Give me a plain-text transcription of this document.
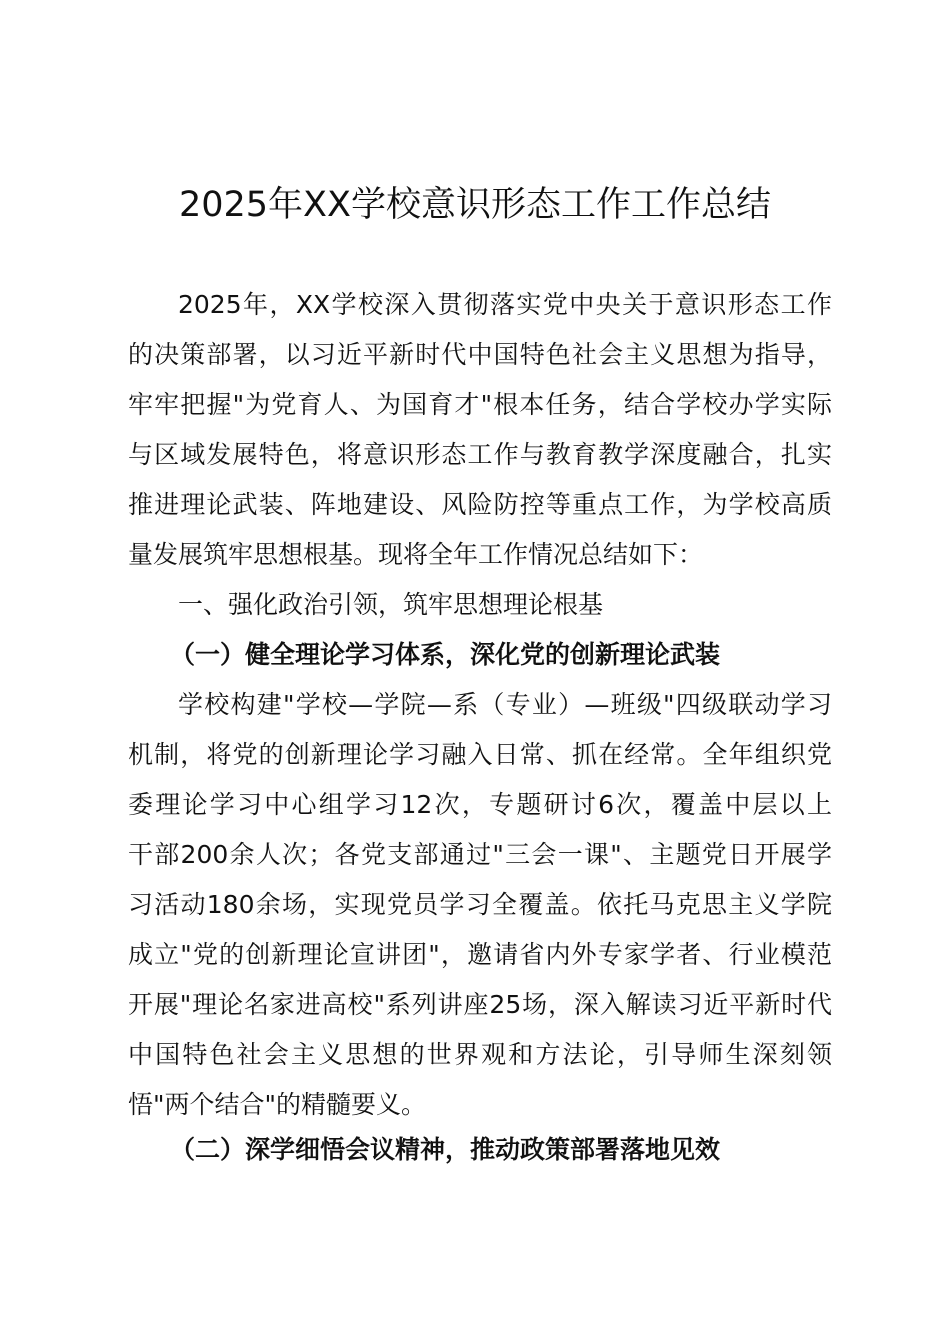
2025年XX学校意识形态工作工作总结
2025年，XX学校深入贯彻落实党中央关于意识形态工作
的决策部署，以习近平新时代中国特色社会主义思想为指导，
牢牢把握"为党育人、为国育才"根本任务，结合学校办学实际
与区域发展特色，将意识形态工作与教育教学深度融合，扎实
推进理论武装、阵地建设、风险防控等重点工作，为学校高质
量发展筑牢思想根基。现将全年工作情况总结如下：
一、强化政治引领，筑牢思想理论根基
（一）健全理论学习体系，深化党的创新理论武装
学校构建"学校—学院—系（专业）—班级"四级联动学习
机制，将党的创新理论学习融入日常、抓在经常。全年组织党
委理论学习中心组学习12次，专题研讨6次，覆盖中层以上
干部200余人次；各党支部通过"三会一课"、主题党日开展学
习活动180余场，实现党员学习全覆盖。依托马克思主义学院
成立"党的创新理论宣讲团"，邀请省内外专家学者、行业模范
开展"理论名家进高校"系列讲座25场，深入解读习近平新时代
中国特色社会主义思想的世界观和方法论，引导师生深刻领
悟"两个结合"的精髓要义。
（二）深学细悟会议精神，推动政策部署落地见效
